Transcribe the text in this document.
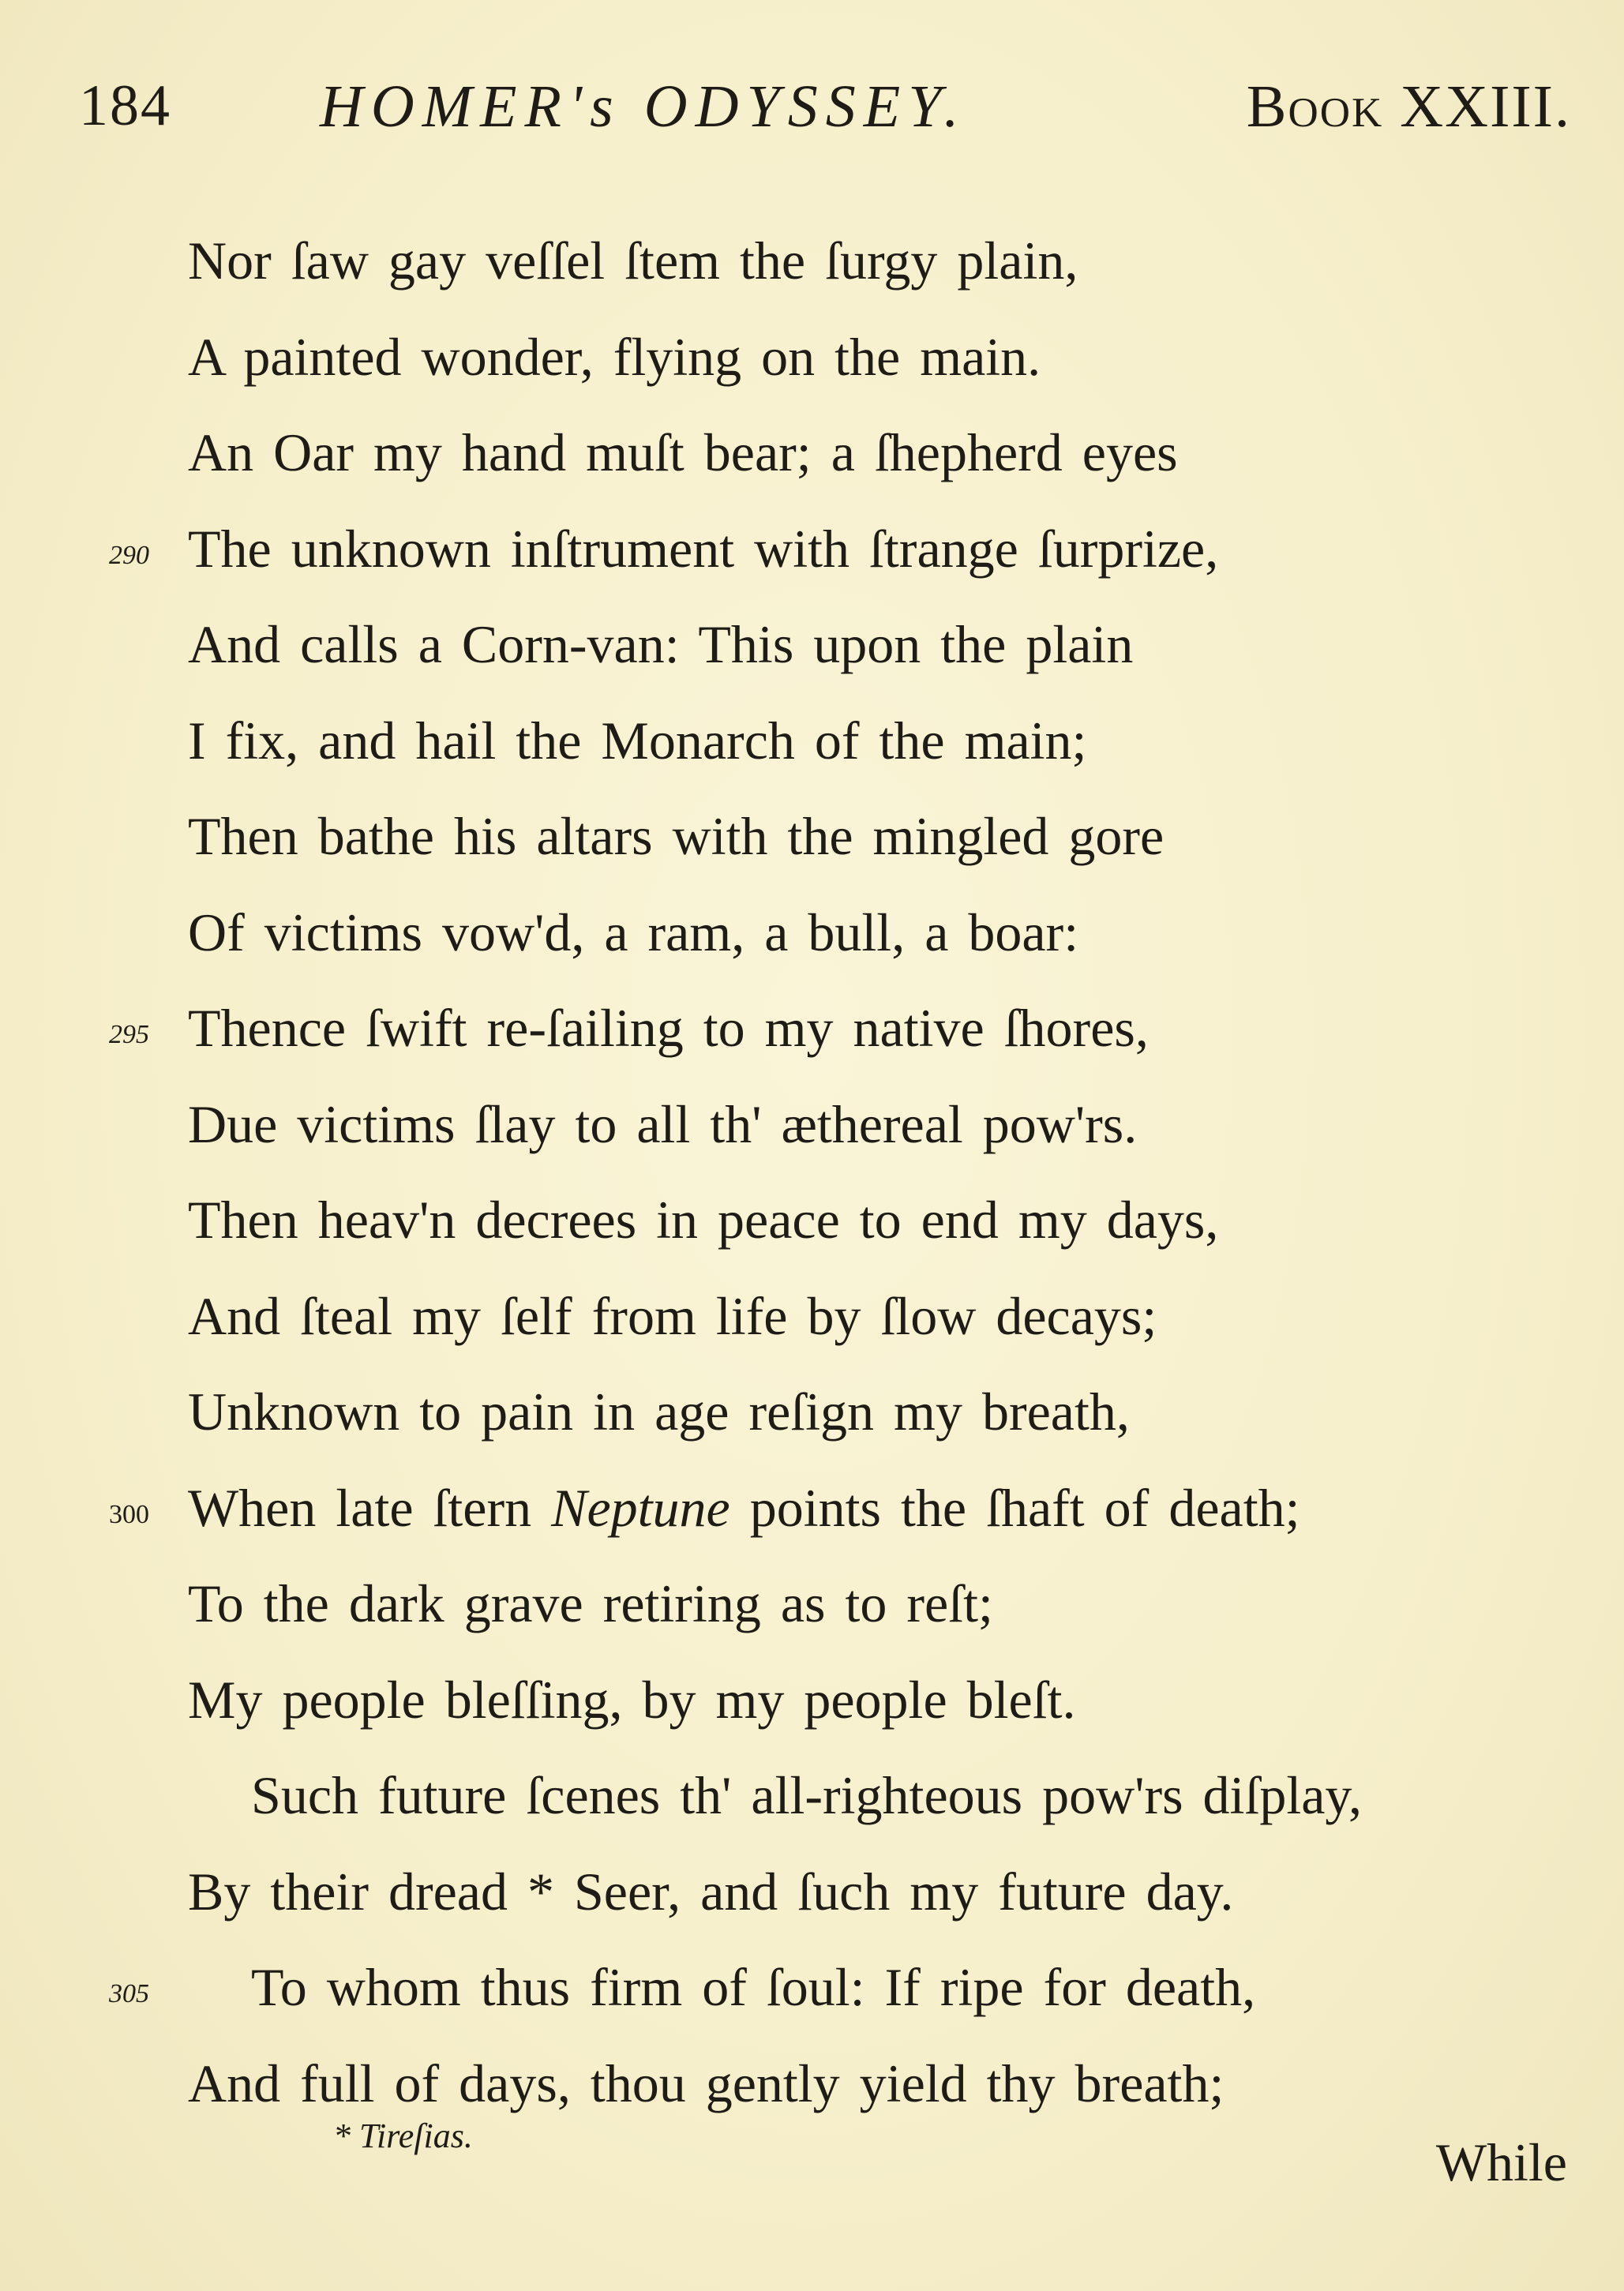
184 HOMER's ODYSSEY.	Book XXIII.
Nor ſaw gay veſſel ſtem the ſurgy plain,
A painted wonder, flying on the main.
An Oar my hand muſt bear; a ſhepherd eyes
290 The unknown inſtrument with ſtrange ſurprize,
And calls a Corn-van: This upon the plain
I fix, and hail the Monarch of the main;
Then bathe his altars with the mingled gore
Of victims vow'd, a ram, a bull, a boar:
295 Thence ſwift re-ſailing to my native ſhores,
Due victims ſlay to all th' æthereal pow'rs.
Then heav'n decrees in peace to end my days,
And ſteal my ſelf from life by ſlow decays;
Unknown to pain in age reſign my breath,
300 When late ſtern Neptune points the ſhaft of death;
To the dark grave retiring as to reſt;
My people bleſſing, by my people bleſt.
Such future ſcenes th' all-righteous pow'rs diſplay,
By their dread * Seer, and ſuch my future day.
305 To whom thus firm of ſoul: If ripe for death,
And full of days, thou gently yield thy breath;
* Tireſias.	While
